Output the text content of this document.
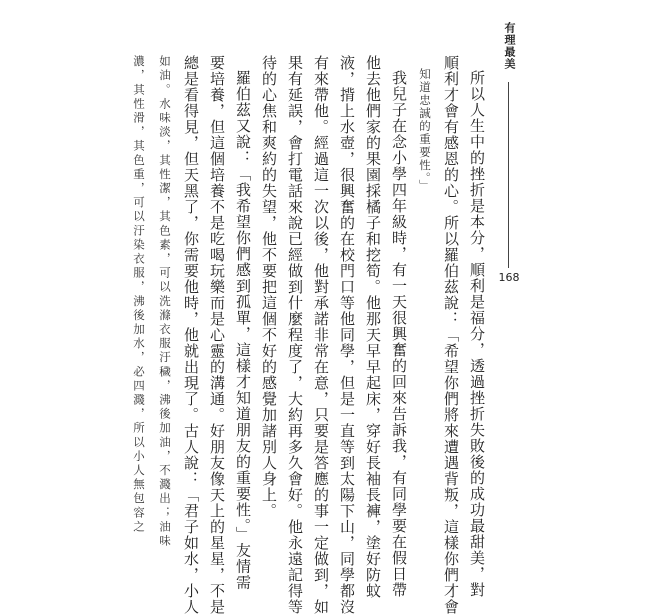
有理最美
168
所以人生中的挫折是本分，順利是福分，透過挫折失敗後的成功最甜美，對
順利才會有感恩的心。所以羅伯茲說：「希望你們將來遭遇背叛，這樣你們才會
知道忠誠的重要性。」
我兒子在念小學四年級時，有一天很興奮的回來告訴我，有同學要在假日帶
他去他們家的果園採橘子和挖筍。他那天早早起床，穿好長袖長褲，塗好防蚊
液，揹上水壺，很興奮的在校門口等他同學，但是一直等到太陽下山，同學都沒
有來帶他。經過這一次以後，他對承諾非常在意，只要是答應的事一定做到，如
果有延誤，會打電話來說已經做到什麼程度了，大約再多久會好。他永遠記得等
待的心焦和爽約的失望，他不要把這個不好的感覺加諸別人身上。
羅伯茲又說：「我希望你們感到孤單，這樣才知道朋友的重要性。」友情需
要培養，但這個培養不是吃喝玩樂而是心靈的溝通。好朋友像天上的星星，不是
總是看得見，但天黑了，你需要他時，他就出現了。古人說：「君子如水，小人
如油。水味淡，其性潔，其色素，可以洗滌衣服汙穢，沸後加油，不濺出；油味
濃，其性滑，其色重，可以汙染衣服，沸後加水，必四濺，所以小人無包容之
